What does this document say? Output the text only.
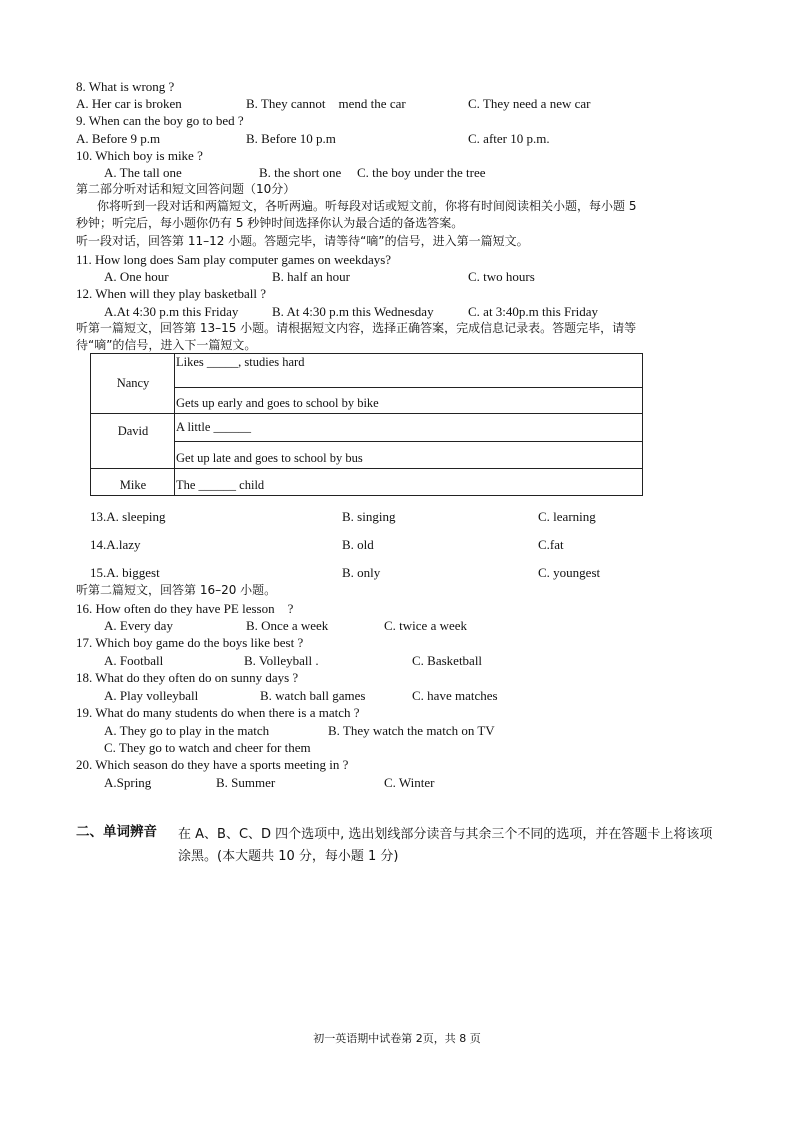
8. What is wrong ?
A. Her car is broken	B. They cannot    mend the car	C. They need a new car
9. When can the boy go to bed ?
A. Before 9 p.m	B. Before 10 p.m	C. after 10 p.m.
10. Which boy is mike ?
A. The tall one	B. the short one C. the boy under the tree
第二部分听对话和短文回答问题（10分）
你将听到一段对话和两篇短文，各听两遍。听每段对话或短文前，你将有时间阅读相关小题，每小题 5
秒钟；听完后，每小题你仍有 5 秒钟时间选择你认为最合适的备选答案。
听一段对话，回答第 11–12 小题。答题完毕，请等待“嘀”的信号，进入第一篇短文。
11. How long does Sam play computer games on weekdays?
A. One hour	B. half an hour	C. two hours
12. When will they play basketball ?
A.At 4:30 p.m this Friday	B. At 4:30 p.m this Wednesday	C. at 3:40p.m this Friday
听第一篇短文，回答第 13–15 小题。请根据短文内容，选择正确答案，完成信息记录表。答题完毕，请等
待“嘀”的信号，进入下一篇短文。
Nancy	Likes _____, studies hard
	Gets up early and goes to school by bike
David	A little ______
	Get up late and goes to school by bus
Mike	The ______ child
13.A. sleeping	B. singing	C. learning
14.A.lazy	B. old	C.fat
15.A. biggest	B. only	C. youngest
听第二篇短文，回答第 16–20 小题。
16. How often do they have PE lesson    ?
A. Every day	B. Once a week	C. twice a week
17. Which boy game do the boys like best ?
A. Football	B. Volleyball .	C. Basketball
18. What do they often do on sunny days ?
A. Play volleyball	B. watch ball games	C. have matches
19. What do many students do when there is a match ?
A. They go to play in the match	B. They watch the match on TV
C. They go to watch and cheer for them
20. Which season do they have a sports meeting in ?
A.Spring	B. Summer	C. Winter
二、单词辨音 在 A、B、C、D 四个选项中, 选出划线部分读音与其余三个不同的选项，并在答题卡上将该项涂黑。(本大题共 10 分，每小题 1 分)
初一英语期中试卷第 2页，共 8 页
